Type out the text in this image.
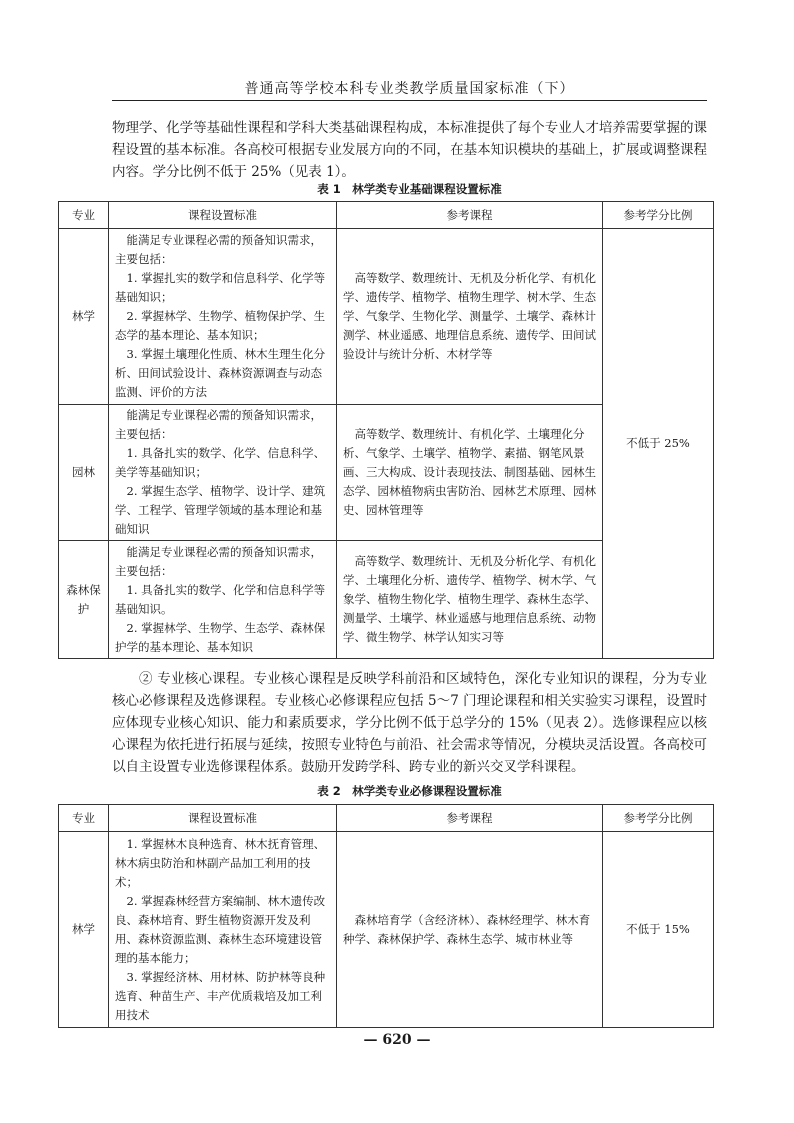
普通高等学校本科专业类教学质量国家标准（下）

物理学、化学等基础性课程和学科大类基础课程构成，本标准提供了每个专业人才培养需要掌握的课程设置的基本标准。各高校可根据专业发展方向的不同，在基本知识模块的基础上，扩展或调整课程内容。学分比例不低于 25%（见表 1）。

表 1　林学类专业基础课程设置标准
专业	课程设置标准	参考课程	参考学分比例
林学	能满足专业课程必需的预备知识需求，主要包括：
1. 掌握扎实的数学和信息科学、化学等基础知识；
2. 掌握林学、生物学、植物保护学、生态学的基本理论、基本知识；
3. 掌握土壤理化性质、林木生理生化分析、田间试验设计、森林资源调查与动态监测、评价的方法	高等数学、数理统计、无机及分析化学、有机化学、遗传学、植物学、植物生理学、树木学、生态学、气象学、生物化学、测量学、土壤学、森林计测学、林业遥感、地理信息系统、遗传学、田间试验设计与统计分析、木材学等	不低于 25%
园林	能满足专业课程必需的预备知识需求，主要包括：
1. 具备扎实的数学、化学、信息科学、美学等基础知识；
2. 掌握生态学、植物学、设计学、建筑学、工程学、管理学领域的基本理论和基础知识	高等数学、数理统计、有机化学、土壤理化分析、气象学、土壤学、植物学、素描、钢笔风景画、三大构成、设计表现技法、制图基础、园林生态学、园林植物病虫害防治、园林艺术原理、园林史、园林管理等	

森林保护	能满足专业课程必需的预备知识需求，主要包括：
1. 具备扎实的数学、化学和信息科学等基础知识。
2. 掌握林学、生物学、生态学、森林保护学的基本理论、基本知识	高等数学、数理统计、无机及分析化学、有机化学、土壤理化分析、遗传学、植物学、树木学、气象学、植物生物化学、植物生理学、森林生态学、测量学、土壤学、林业遥感与地理信息系统、动物学、微生物学、林学认知实习等	

② 专业核心课程。专业核心课程是反映学科前沿和区域特色，深化专业知识的课程，分为专业核心必修课程及选修课程。专业核心必修课程应包括 5～7 门理论课程和相关实验实习课程，设置时应体现专业核心知识、能力和素质要求，学分比例不低于总学分的 15%（见表 2）。选修课程应以核心课程为依托进行拓展与延续，按照专业特色与前沿、社会需求等情况，分模块灵活设置。各高校可以自主设置专业选修课程体系。鼓励开发跨学科、跨专业的新兴交叉学科课程。

表 2　林学类专业必修课程设置标准
专业	课程设置标准	参考课程	参考学分比例
林学	1. 掌握林木良种选育、林木抚育管理、林木病虫防治和林副产品加工利用的技术；
2. 掌握森林经营方案编制、林木遗传改良、森林培育、野生植物资源开发及利用、森林资源监测、森林生态环境建设管理的基本能力；
3. 掌握经济林、用材林、防护林等良种选育、种苗生产、丰产优质栽培及加工利用技术	森林培育学（含经济林）、森林经理学、林木育种学、森林保护学、森林生态学、城市林业等	不低于 15%
— 620 —
